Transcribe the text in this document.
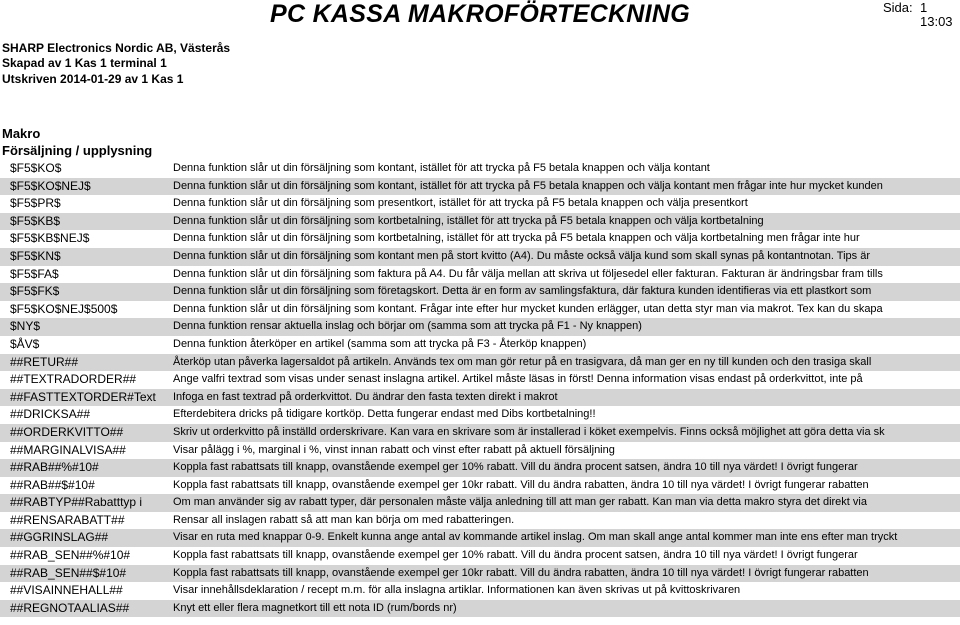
PC KASSA MAKROFÖRTECKNING	Sida: 1
13:03
SHARP Electronics Nordic AB, Västerås
Skapad av 1 Kas 1 terminal 1
Utskriven 2014-01-29 av 1 Kas 1
Makro
Försäljning / upplysning
$F5$KO$	Denna funktion slår ut din försäljning som kontant, istället för att trycka på F5 betala knappen och välja kontant
$F5$KO$NEJ$	Denna funktion slår ut din försäljning som kontant, istället för att trycka på F5 betala knappen och välja kontant men frågar inte hur mycket kunden
$F5$PR$	Denna funktion slår ut din försäljning som presentkort, istället för att trycka på F5 betala knappen och välja presentkort
$F5$KB$	Denna funktion slår ut din försäljning som kortbetalning, istället för att trycka på F5 betala knappen och välja kortbetalning
$F5$KB$NEJ$	Denna funktion slår ut din försäljning som kortbetalning, istället för att trycka på F5 betala knappen och välja kortbetalning men frågar inte hur
$F5$KN$	Denna funktion slår ut din försäljning som kontant men på stort kvitto (A4). Du måste också välja kund som skall synas på kontantnotan. Tips är
$F5$FA$	Denna funktion slår ut din försäljning som faktura på A4. Du får välja mellan att skriva ut följesedel eller fakturan. Fakturan är ändringsbar fram tills
$F5$FK$	Denna funktion slår ut din försäljning som företagskort. Detta är en form av samlingsfaktura, där faktura kunden identifieras via ett plastkort som
$F5$KO$NEJ$500$	Denna funktion slår ut din försäljning som kontant. Frågar inte efter hur mycket kunden erlägger, utan detta styr man via makrot. Tex kan du skapa
$NY$	Denna funktion rensar aktuella inslag och börjar om (samma som att trycka på F1 - Ny knappen)
$ÅV$	Denna funktion återköper en artikel (samma som att trycka på F3 - Återköp knappen)
##RETUR##	Återköp utan påverka lagersaldot på artikeln. Används tex om man gör retur på en trasigvara, då man ger en ny till kunden och den trasiga skall
##TEXTRADORDER##	Ange valfri textrad som visas under senast inslagna artikel. Artikel måste läsas in först! Denna information visas endast på orderkvittot, inte på
##FASTTEXTORDER#Text Infoga en fast textrad på orderkvittot. Du ändrar den fasta texten direkt i makrot
##DRICKSA##	Efterdebitera dricks på tidigare kortköp. Detta fungerar endast med Dibs kortbetalning!!
##ORDERKVITTO##	Skriv ut orderkvitto på inställd orderskrivare. Kan vara en skrivare som är installerad i köket exempelvis. Finns också möjlighet att göra detta via sk
##MARGINALVISA##	Visar pålägg i %, marginal i %, vinst innan rabatt och vinst efter rabatt på aktuell försäljning
##RAB##%#10#	Koppla fast rabattsats till knapp, ovanstående exempel ger 10% rabatt. Vill du ändra procent satsen, ändra 10 till nya värdet! I övrigt fungerar
##RAB##$#10#	Koppla fast rabattsats till knapp, ovanstående exempel ger 10kr rabatt. Vill du ändra rabatten, ändra 10 till nya värdet! I övrigt fungerar rabatten
##RABTYP##Rabatttyp i	Om man använder sig av rabatt typer, där personalen måste välja anledning till att man ger rabatt. Kan man via detta makro styra det direkt via
##RENSARABATT##	Rensar all inslagen rabatt så att man kan börja om med rabatteringen.
##GGRINSLAG##	Visar en ruta med knappar 0-9. Enkelt kunna ange antal av kommande artikel inslag. Om man skall ange antal kommer man inte ens efter man tryckt
##RAB_SEN##%#10#	Koppla fast rabattsats till knapp, ovanstående exempel ger 10% rabatt. Vill du ändra procent satsen, ändra 10 till nya värdet! I övrigt fungerar
##RAB_SEN##$#10#	Koppla fast rabattsats till knapp, ovanstående exempel ger 10kr rabatt. Vill du ändra rabatten, ändra 10 till nya värdet! I övrigt fungerar rabatten
##VISAINNEHALL##	Visar innehållsdeklaration / recept m.m. för alla inslagna artiklar. Informationen kan även skrivas ut på kvittoskrivaren
##REGNOTAALIAS##	Knyt ett eller flera magnetkort till ett nota ID (rum/bords nr)
